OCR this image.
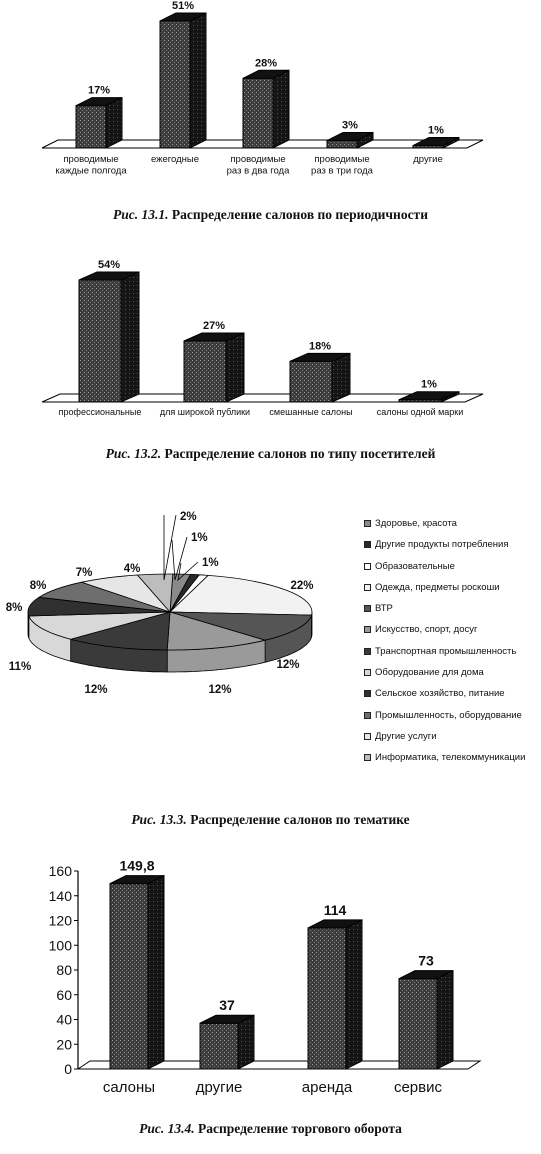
17%
проводимые
каждые полгода
51%
ежегодные
28%
проводимые
раз в два года
3%
проводимые
раз в три года
1%
другие
54%
профессиональные
27%
для широкой публики
18%
смешанные салоны
1%
салоны одной марки
2%
1%
1%
22%
12%
12%
12%
11%
8%
8%
7%	4%
0
20
40
60
80
100
120
140
160	149,8
салоны
37
другие
114
аренда
73
сервис
Рис. 13.1. Распределение салонов по периодичности
Рис. 13.2. Распределение салонов по типу посетителей
Здоровье, красота
Другие продукты потребления
Образовательные
Одежда, предметы роскоши
ВТР
Искусство, спорт, досуг
Транспортная промышленность
Оборудование для дома
Сельское хозяйство, питание
Промышленность, оборудование
Другие услуги
Информатика, телекоммуникации
Рис. 13.3. Распределение салонов по тематике
Рис. 13.4. Распределение торгового оборота
